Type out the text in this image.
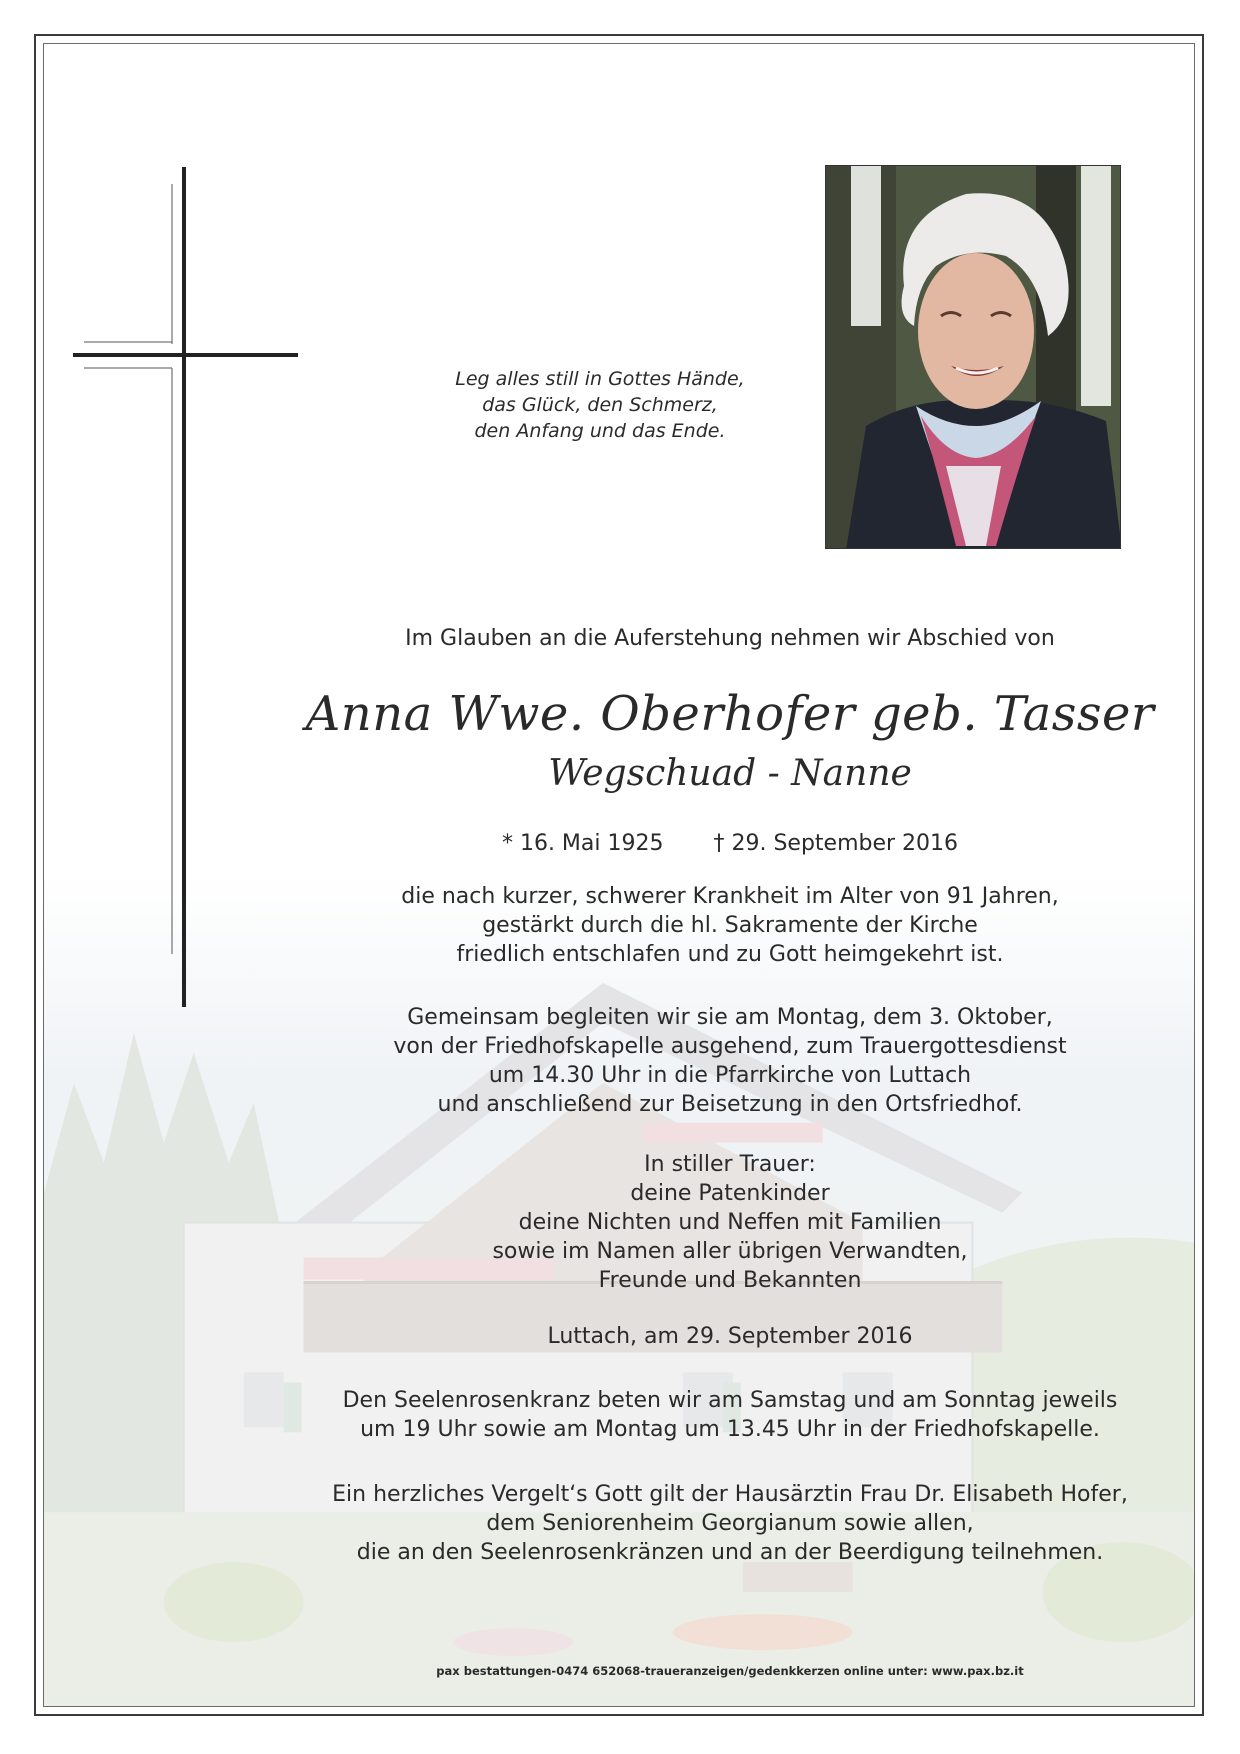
Leg alles still in Gottes Hände,
das Glück, den Schmerz,
den Anfang und das Ende.
Im Glauben an die Auferstehung nehmen wir Abschied von
Anna Wwe. Oberhofer geb. Tasser
Wegschuad - Nanne
* 16. Mai 1925 † 29. September 2016
die nach kurzer, schwerer Krankheit im Alter von 91 Jahren,
gestärkt durch die hl. Sakramente der Kirche
friedlich entschlafen und zu Gott heimgekehrt ist.
Gemeinsam begleiten wir sie am Montag, dem 3. Oktober,
von der Friedhofskapelle ausgehend, zum Trauergottesdienst
um 14.30 Uhr in die Pfarrkirche von Luttach
und anschließend zur Beisetzung in den Ortsfriedhof.
In stiller Trauer:
deine Patenkinder
deine Nichten und Neffen mit Familien
sowie im Namen aller übrigen Verwandten,
Freunde und Bekannten
Luttach, am 29. September 2016
Den Seelenrosenkranz beten wir am Samstag und am Sonntag jeweils
um 19 Uhr sowie am Montag um 13.45 Uhr in der Friedhofskapelle.
Ein herzliches Vergelt‘s Gott gilt der Hausärztin Frau Dr. Elisabeth Hofer,
dem Seniorenheim Georgianum sowie allen,
die an den Seelenrosenkränzen und an der Beerdigung teilnehmen.
pax bestattungen-0474 652068-traueranzeigen/gedenkkerzen online unter: www.pax.bz.it
